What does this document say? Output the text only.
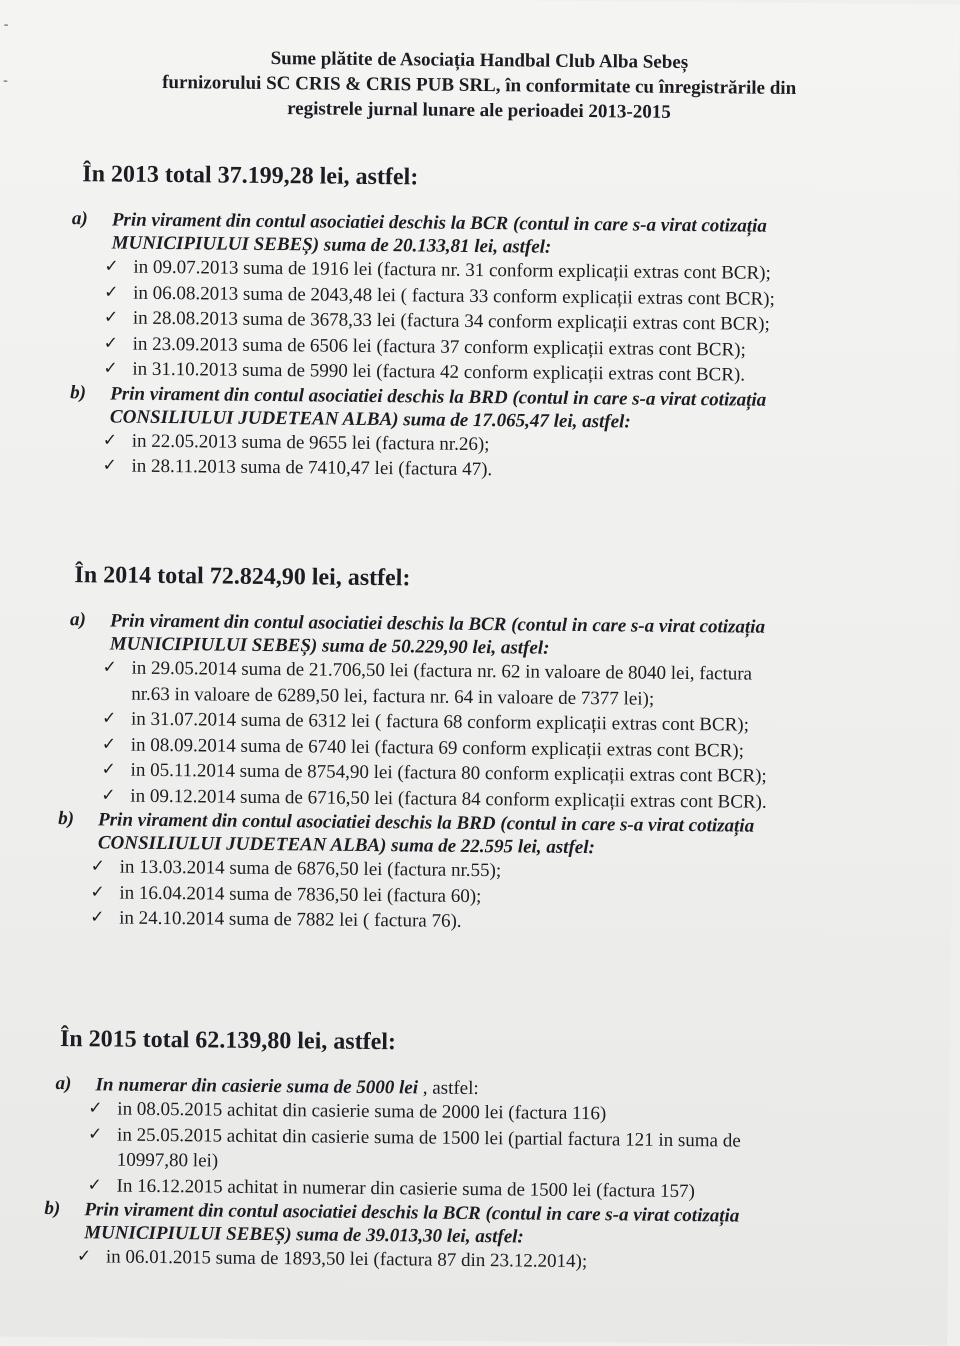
-
-
Sume plătite de Asociația Handbal Club Alba Sebeș
furnizorului SC CRIS & CRIS PUB SRL, în conformitate cu înregistrările din
registrele jurnal lunare ale perioadei 2013-2015
În 2013 total 37.199,28 lei, astfel:
a) Prin virament din contul asociatiei deschis la BCR (contul in care s-a virat cotizația
MUNICIPIULUI SEBEȘ) suma de 20.133,81 lei, astfel:
✓ in 09.07.2013 suma de 1916 lei (factura nr. 31 conform explicații extras cont BCR);
✓ in 06.08.2013 suma de 2043,48 lei ( factura 33 conform explicații extras cont BCR);
✓ in 28.08.2013 suma de 3678,33 lei (factura 34 conform explicații extras cont BCR);
✓ in 23.09.2013 suma de 6506 lei (factura 37 conform explicații extras cont BCR);
✓ in 31.10.2013 suma de 5990 lei (factura 42 conform explicații extras cont BCR).
b) Prin virament din contul asociatiei deschis la BRD (contul in care s-a virat cotizația
CONSILIULUI JUDETEAN ALBA) suma de 17.065,47 lei, astfel:
✓ in 22.05.2013 suma de 9655 lei (factura nr.26);
✓ in 28.11.2013 suma de 7410,47 lei (factura 47).
În 2014 total 72.824,90 lei, astfel:
a) Prin virament din contul asociatiei deschis la BCR (contul in care s-a virat cotizația
MUNICIPIULUI SEBEȘ) suma de 50.229,90 lei, astfel:
✓ in 29.05.2014 suma de 21.706,50 lei (factura nr. 62 in valoare de 8040 lei, factura
nr.63 in valoare de 6289,50 lei, factura nr. 64 in valoare de 7377 lei);
✓ in 31.07.2014 suma de 6312 lei ( factura 68 conform explicații extras cont BCR);
✓ in 08.09.2014 suma de 6740 lei (factura 69 conform explicații extras cont BCR);
✓ in 05.11.2014 suma de 8754,90 lei (factura 80 conform explicații extras cont BCR);
✓ in 09.12.2014 suma de 6716,50 lei (factura 84 conform explicații extras cont BCR).
b) Prin virament din contul asociatiei deschis la BRD (contul in care s-a virat cotizația
CONSILIULUI JUDETEAN ALBA) suma de 22.595 lei, astfel:
✓ in 13.03.2014 suma de 6876,50 lei (factura nr.55);
✓ in 16.04.2014 suma de 7836,50 lei (factura 60);
✓ in 24.10.2014 suma de 7882 lei ( factura 76).
În 2015 total 62.139,80 lei, astfel:
a) In numerar din casierie suma de 5000 lei , astfel:
✓ in 08.05.2015 achitat din casierie suma de 2000 lei (factura 116)
✓ in 25.05.2015 achitat din casierie suma de 1500 lei (partial factura 121 in suma de
10997,80 lei)
✓ In 16.12.2015 achitat in numerar din casierie suma de 1500 lei (factura 157)
b) Prin virament din contul asociatiei deschis la BCR (contul in care s-a virat cotizația
MUNICIPIULUI SEBEȘ) suma de 39.013,30 lei, astfel:
✓ in 06.01.2015 suma de 1893,50 lei (factura 87 din 23.12.2014);
